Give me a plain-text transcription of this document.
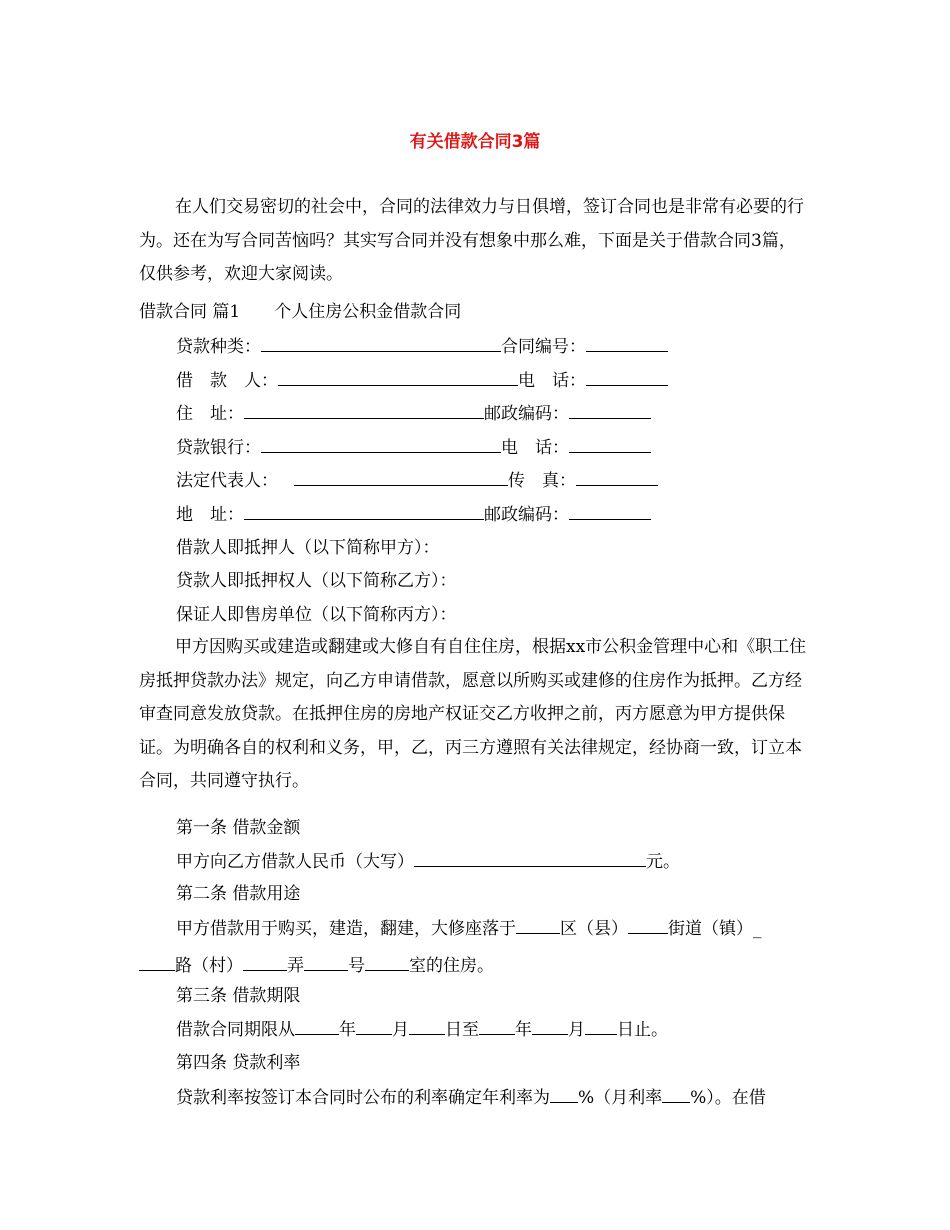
有关借款合同3篇
在人们交易密切的社会中，合同的法律效力与日俱增，签订合同也是非常有必要的行为。还在为写合同苦恼吗？其实写合同并没有想象中那么难，下面是关于借款合同3篇，仅供参考，欢迎大家阅读。
借款合同 篇1　　个人住房公积金借款合同
贷款种类：	合同编号：
借　款　人：	电　话：
住　址：	邮政编码：
贷款银行：	电　话：
法定代表人：	传　真：
地　址：	邮政编码：
借款人即抵押人（以下简称甲方）：
贷款人即抵押权人（以下简称乙方）：
保证人即售房单位（以下简称丙方）：
甲方因购买或建造或翻建或大修自有自住住房，根据xx市公积金管理中心和《职工住房抵押贷款办法》规定，向乙方申请借款，愿意以所购买或建修的住房作为抵押。乙方经审查同意发放贷款。在抵押住房的房地产权证交乙方收押之前，丙方愿意为甲方提供保证。为明确各自的权利和义务，甲，乙，丙三方遵照有关法律规定，经协商一致，订立本合同，共同遵守执行。
第一条 借款金额
甲方向乙方借款人民币（大写）	元。
第二条 借款用途
甲方借款用于购买，建造，翻建，大修座落于	区（县） 街道（镇）_
路（村）	弄	号	室的住房。
第三条 借款期限
借款合同期限从	年 月 日至 年 月 日止。
第四条 贷款利率
贷款利率按签订本合同时公布的利率确定年利率为 %（月利率 %）。在借
